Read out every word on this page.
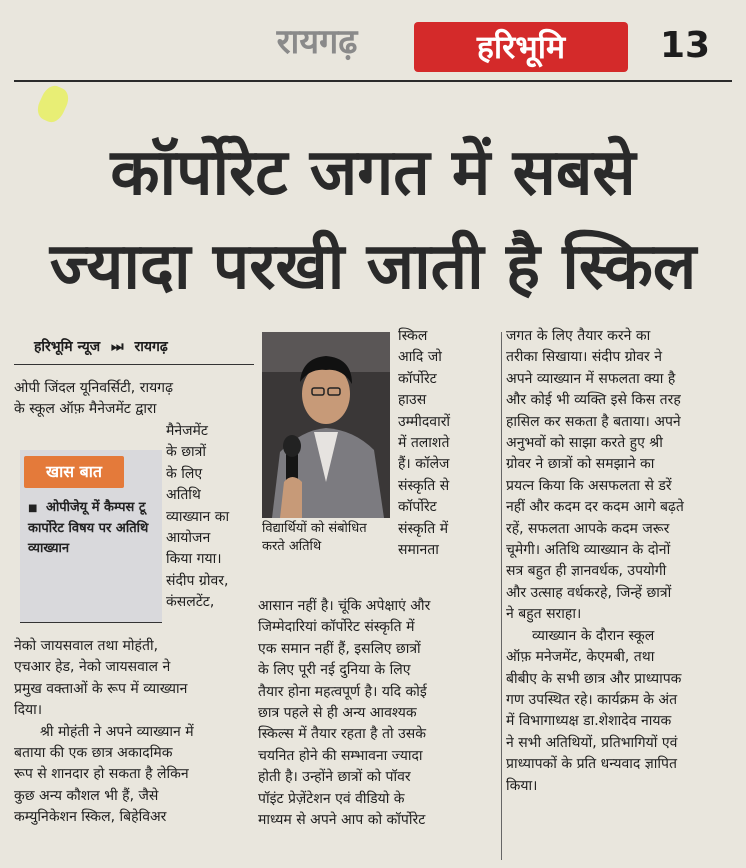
रायगढ़	हरिभूमि	13
कॉर्पोरेट जगत में सबसे
ज्यादा परखी जाती है स्किल
हरिभूमि न्यूज ⏭ रायगढ़

ओपी जिंदल यूनिवर्सिटी, रायगढ़

के स्कूल ऑफ़ मैनेजमेंट द्वारा

खास बात
■ ओपीजेयू में कैम्पस टू कार्पोरेट विषय पर अतिथि व्याख्यान

मैनेजमेंट

के छात्रों

के लिए

अतिथि

व्याख्यान का

आयोजन

किया गया।

संदीप ग्रोवर,

कंसलटेंट,

नेको जायसवाल तथा मोहंती,

एचआर हेड, नेको जायसवाल ने

प्रमुख वक्ताओं के रूप में व्याख्यान

दिया।

श्री मोहंती ने अपने व्याख्यान में

बताया की एक छात्र अकादमिक

रूप से शानदार हो सकता है लेकिन

कुछ अन्य कौशल भी हैं, जैसे

कम्युनिकेशन स्किल, बिहेविअर

विद्यार्थियों को संबोधित करते अतिथि

स्किल

आदि जो

कॉर्पोरेट

हाउस

उम्मीदवारों

में तलाशते

हैं। कॉलेज

संस्कृति से

कॉर्पोरेट

संस्कृति में

समानता

आसान नहीं है। चूंकि अपेक्षाएं और

जिम्मेदारियां कॉर्पोरेट संस्कृति में

एक समान नहीं हैं, इसलिए छात्रों

के लिए पूरी नई दुनिया के लिए

तैयार होना महत्वपूर्ण है। यदि कोई

छात्र पहले से ही अन्य आवश्यक

स्किल्स में तैयार रहता है तो उसके

चयनित होने की सम्भावना ज्यादा

होती है। उन्होंने छात्रों को पॉवर

पॉइंट प्रेज़ेंटेशन एवं वीडियो के

माध्यम से अपने आप को कॉर्पोरेट

जगत के लिए तैयार करने का

तरीका सिखाया। संदीप ग्रोवर ने

अपने व्याख्यान में सफलता क्या है

और कोई भी व्यक्ति इसे किस तरह

हासिल कर सकता है बताया। अपने

अनुभवों को साझा करते हुए श्री

ग्रोवर ने छात्रों को समझाने का

प्रयत्न किया कि असफलता से डरें

नहीं और कदम दर कदम आगे बढ़ते

रहें, सफलता आपके कदम जरूर

चूमेगी। अतिथि व्याख्यान के दोनों

सत्र बहुत ही ज्ञानवर्धक, उपयोगी

और उत्साह वर्धकरहे, जिन्हें छात्रों

ने बहुत सराहा।

व्याख्यान के दौरान स्कूल

ऑफ़ मनेजमेंट, केएमबी, तथा

बीबीए के सभी छात्र और प्राध्यापक

गण उपस्थित रहे। कार्यक्रम के अंत

में विभागाध्यक्ष डा.शेशादेव नायक

ने सभी अतिथियों, प्रतिभागियों एवं

प्राध्यापकों के प्रति धन्यवाद ज्ञापित

किया।
